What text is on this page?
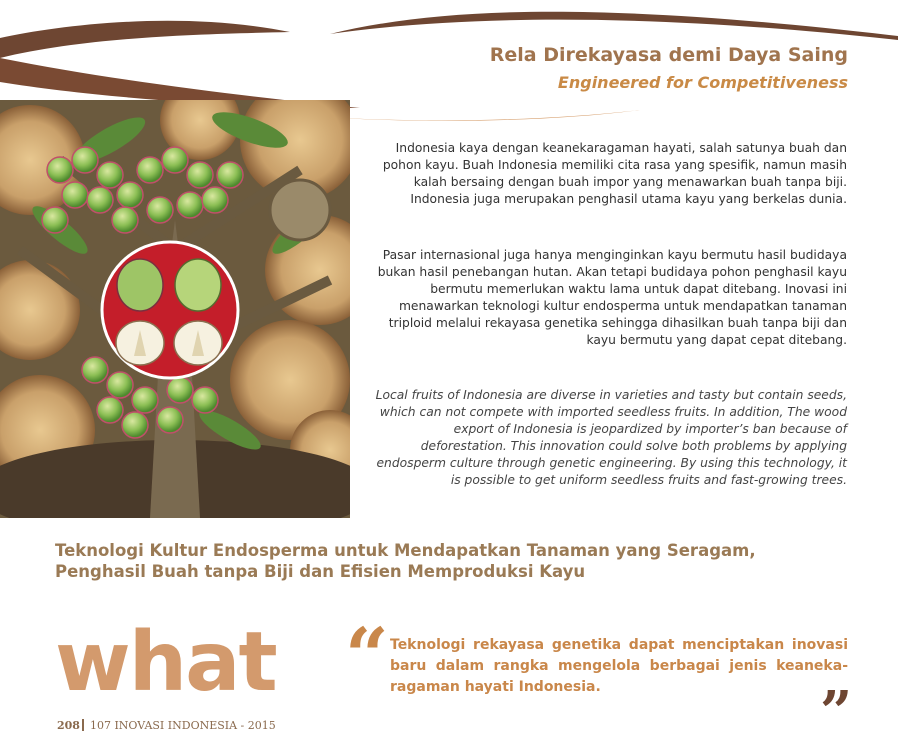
Rela Direkayasa demi Daya Saing
Engineered for Competitiveness

Indonesia kaya dengan keanekaragaman hayati, salah satunya buah dan pohon kayu. Buah Indonesia memiliki cita rasa yang spesifik, namun masih kalah bersaing dengan buah impor yang menawarkan buah tanpa biji. Indonesia juga merupakan penghasil utama kayu yang berkelas dunia.

Pasar internasional juga hanya menginginkan kayu bermutu hasil budidaya bukan hasil penebangan hutan. Akan tetapi budidaya pohon penghasil kayu bermutu memerlukan waktu lama untuk dapat ditebang. Inovasi ini menawarkan teknologi kultur endosperma untuk mendapatkan tanaman triploid melalui rekayasa genetika sehingga dihasilkan buah tanpa biji dan kayu bermutu yang dapat cepat ditebang.

Local fruits of Indonesia are diverse in varieties and tasty but contain seeds, which can not compete with imported seedless fruits. In addition, The wood export of Indonesia is jeopardized by importer’s ban because of deforestation. This innovation could solve both problems by applying endosperm culture through genetic engineering. By using this technology, it is possible to get uniform seedless fruits and fast-growing trees.

Teknologi Kultur Endosperma untuk Mendapatkan Tanaman yang Seragam,
Penghasil Buah tanpa Biji dan Efisien Memproduksi Kayu
what
208 107 INOVASI INDONESIA - 2015
“ Teknologi rekayasa genetika dapat menciptakan inovasi baru dalam rangka mengelola berbagai jenis keaneka-ragaman hayati Indonesia.	”
